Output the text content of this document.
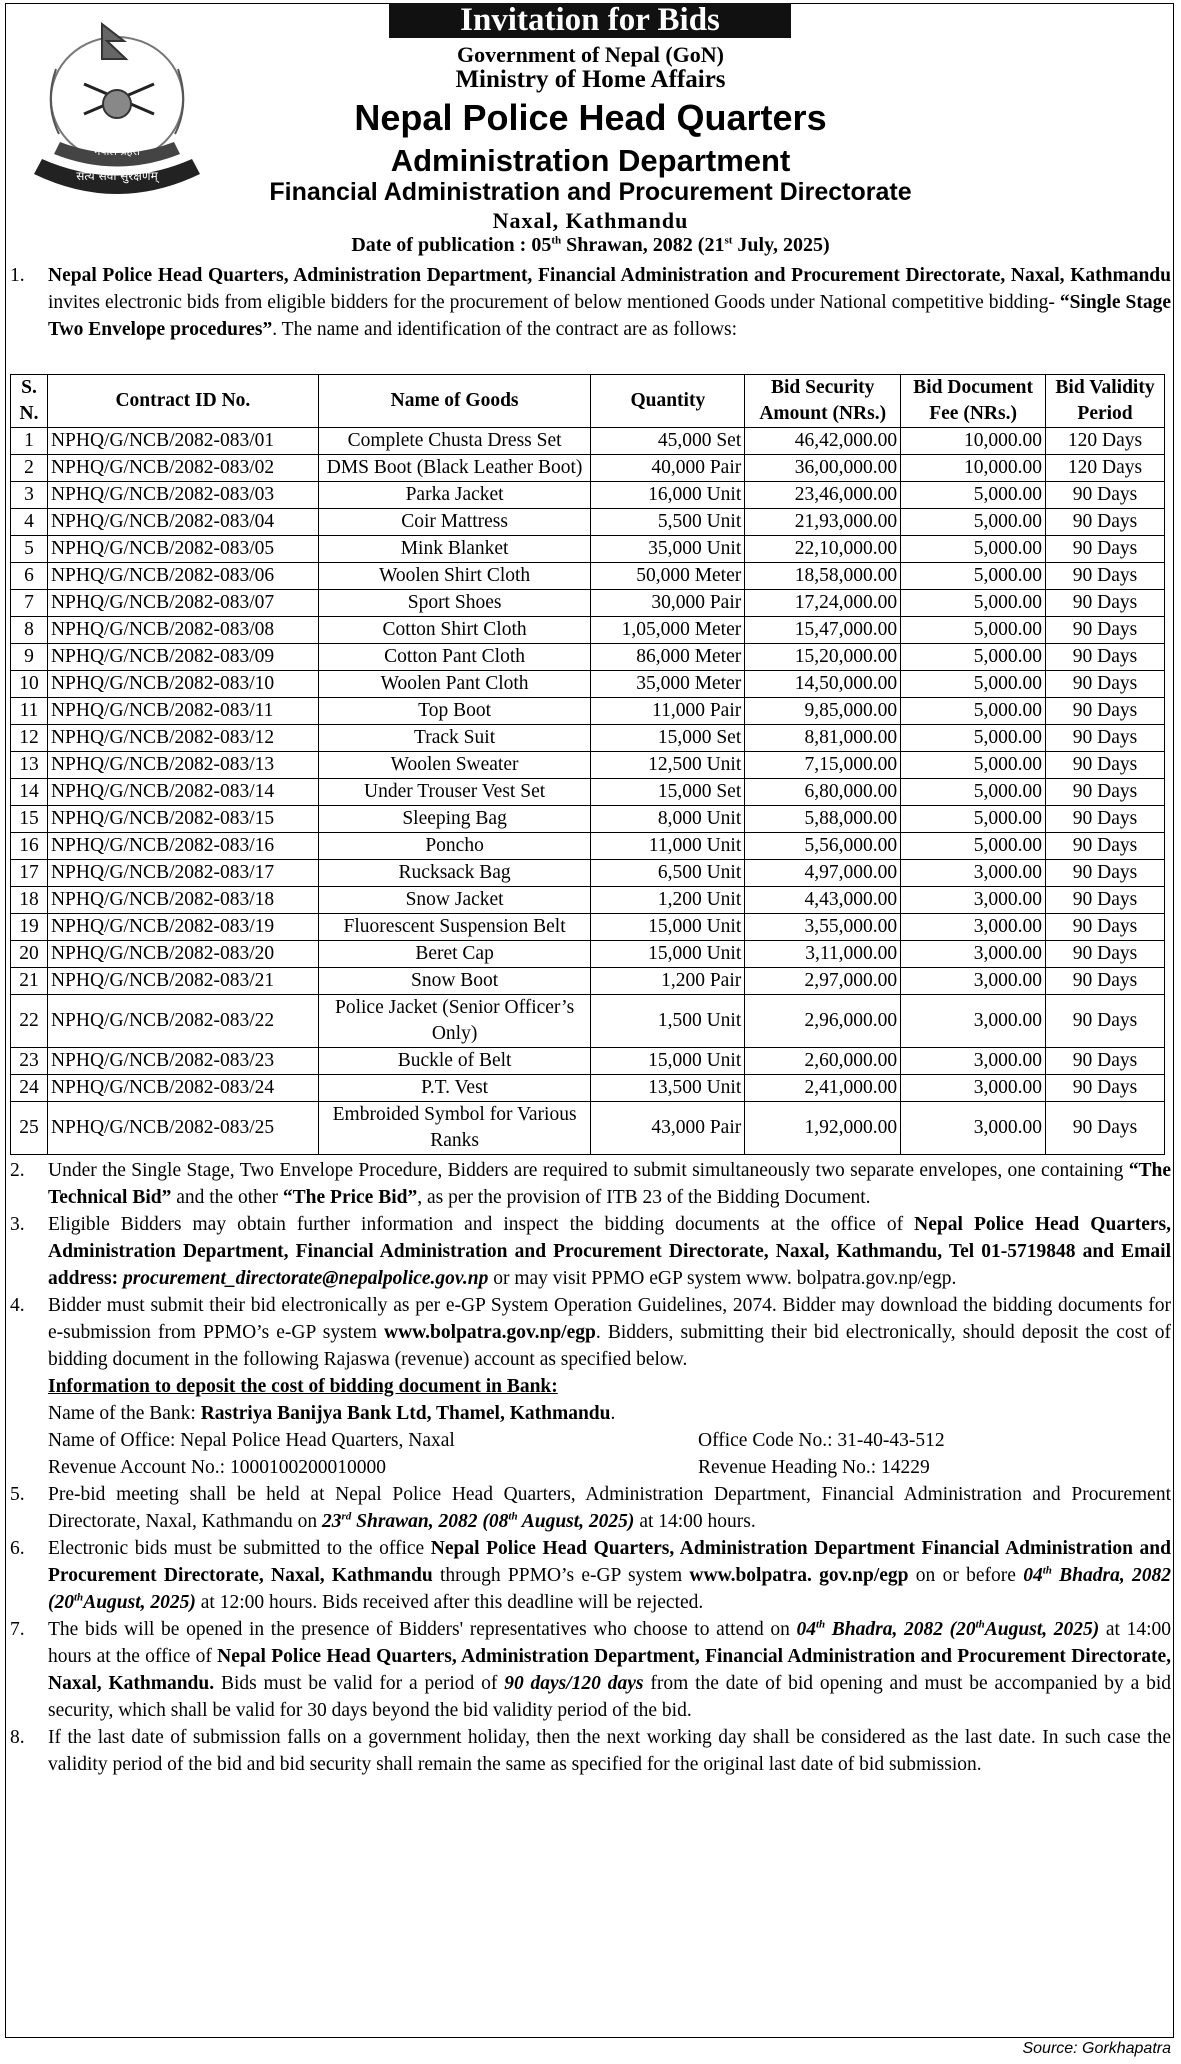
नेपाल प्रहरी
सत्य सेवा सुरक्षणम्
Invitation for Bids
Government of Nepal (GoN)
Ministry of Home Affairs
Nepal Police Head Quarters
Administration Department
Financial Administration and Procurement Directorate
Naxal, Kathmandu
Date of publication : 05th Shrawan, 2082 (21st July, 2025)
1. Nepal Police Head Quarters, Administration Department, Financial Administration and Procurement Directorate, Naxal, Kathmandu invites electronic bids from eligible bidders for the procurement of below mentioned Goods under National competitive bidding- “Single Stage Two Envelope procedures”. The name and identification of the contract are as follows:
S. N.	Contract ID No.	Name of Goods	Quantity	Bid Security Amount (NRs.)	Bid Document Fee (NRs.)	Bid Validity Period
1	NPHQ/G/NCB/2082-083/01	Complete Chusta Dress Set	45,000 Set	46,42,000.00	10,000.00	120 Days
2	NPHQ/G/NCB/2082-083/02	DMS Boot (Black Leather Boot)	40,000 Pair	36,00,000.00	10,000.00	120 Days
3	NPHQ/G/NCB/2082-083/03	Parka Jacket	16,000 Unit	23,46,000.00	5,000.00	90 Days
4	NPHQ/G/NCB/2082-083/04	Coir Mattress	5,500 Unit	21,93,000.00	5,000.00	90 Days
5	NPHQ/G/NCB/2082-083/05	Mink Blanket	35,000 Unit	22,10,000.00	5,000.00	90 Days
6	NPHQ/G/NCB/2082-083/06	Woolen Shirt Cloth	50,000 Meter	18,58,000.00	5,000.00	90 Days
7	NPHQ/G/NCB/2082-083/07	Sport Shoes	30,000 Pair	17,24,000.00	5,000.00	90 Days
8	NPHQ/G/NCB/2082-083/08	Cotton Shirt Cloth	1,05,000 Meter	15,47,000.00	5,000.00	90 Days
9	NPHQ/G/NCB/2082-083/09	Cotton Pant Cloth	86,000 Meter	15,20,000.00	5,000.00	90 Days
10	NPHQ/G/NCB/2082-083/10	Woolen Pant Cloth	35,000 Meter	14,50,000.00	5,000.00	90 Days
11	NPHQ/G/NCB/2082-083/11	Top Boot	11,000 Pair	9,85,000.00	5,000.00	90 Days
12	NPHQ/G/NCB/2082-083/12	Track Suit	15,000 Set	8,81,000.00	5,000.00	90 Days
13	NPHQ/G/NCB/2082-083/13	Woolen Sweater	12,500 Unit	7,15,000.00	5,000.00	90 Days
14	NPHQ/G/NCB/2082-083/14	Under Trouser Vest Set	15,000 Set	6,80,000.00	5,000.00	90 Days
15	NPHQ/G/NCB/2082-083/15	Sleeping Bag	8,000 Unit	5,88,000.00	5,000.00	90 Days
16	NPHQ/G/NCB/2082-083/16	Poncho	11,000 Unit	5,56,000.00	5,000.00	90 Days
17	NPHQ/G/NCB/2082-083/17	Rucksack Bag	6,500 Unit	4,97,000.00	3,000.00	90 Days
18	NPHQ/G/NCB/2082-083/18	Snow Jacket	1,200 Unit	4,43,000.00	3,000.00	90 Days
19	NPHQ/G/NCB/2082-083/19	Fluorescent Suspension Belt	15,000 Unit	3,55,000.00	3,000.00	90 Days
20	NPHQ/G/NCB/2082-083/20	Beret Cap	15,000 Unit	3,11,000.00	3,000.00	90 Days
21	NPHQ/G/NCB/2082-083/21	Snow Boot	1,200 Pair	2,97,000.00	3,000.00	90 Days
22	NPHQ/G/NCB/2082-083/22	Police Jacket (Senior Officer’s Only)	1,500 Unit	2,96,000.00	3,000.00	90 Days
23	NPHQ/G/NCB/2082-083/23	Buckle of Belt	15,000 Unit	2,60,000.00	3,000.00	90 Days
24	NPHQ/G/NCB/2082-083/24	P.T. Vest	13,500 Unit	2,41,000.00	3,000.00	90 Days
25	NPHQ/G/NCB/2082-083/25	Embroided Symbol for Various Ranks	43,000 Pair	1,92,000.00	3,000.00	90 Days
2. Under the Single Stage, Two Envelope Procedure, Bidders are required to submit simultaneously two separate envelopes, one containing “The Technical Bid” and the other “The Price Bid”, as per the provision of ITB 23 of the Bidding Document.
3. Eligible Bidders may obtain further information and inspect the bidding documents at the office of Nepal Police Head Quarters, Administration Department, Financial Administration and Procurement Directorate, Naxal, Kathmandu, Tel 01-5719848 and Email address: procurement_directorate@nepalpolice.gov.np or may visit PPMO eGP system www. bolpatra.gov.np/egp.
4. Bidder must submit their bid electronically as per e-GP System Operation Guidelines, 2074. Bidder may download the bidding documents for e-submission from PPMO’s e-GP system www.bolpatra.gov.np/egp. Bidders, submitting their bid electronically, should deposit the cost of bidding document in the following Rajaswa (revenue) account as specified below.
Information to deposit the cost of bidding document in Bank:
Name of the Bank: Rastriya Banijya Bank Ltd, Thamel, Kathmandu.
Name of Office: Nepal Police Head Quarters, Naxal	Office Code No.: 31-40-43-512
Revenue Account No.: 1000100200010000	Revenue Heading No.: 14229
5. Pre-bid meeting shall be held at Nepal Police Head Quarters, Administration Department, Financial Administration and Procurement Directorate, Naxal, Kathmandu on 23rd Shrawan, 2082 (08th August, 2025) at 14:00 hours.
6. Electronic bids must be submitted to the office Nepal Police Head Quarters, Administration Department Financial Administration and Procurement Directorate, Naxal, Kathmandu through PPMO’s e-GP system www.bolpatra. gov.np/egp on or before 04th Bhadra, 2082 (20thAugust, 2025) at 12:00 hours. Bids received after this deadline will be rejected.
7. The bids will be opened in the presence of Bidders' representatives who choose to attend on 04th Bhadra, 2082 (20thAugust, 2025) at 14:00 hours at the office of Nepal Police Head Quarters, Administration Department, Financial Administration and Procurement Directorate, Naxal, Kathmandu. Bids must be valid for a period of 90 days/120 days from the date of bid opening and must be accompanied by a bid security, which shall be valid for 30 days beyond the bid validity period of the bid.
8. If the last date of submission falls on a government holiday, then the next working day shall be considered as the last date. In such case the validity period of the bid and bid security shall remain the same as specified for the original last date of bid submission.
Source: Gorkhapatra
